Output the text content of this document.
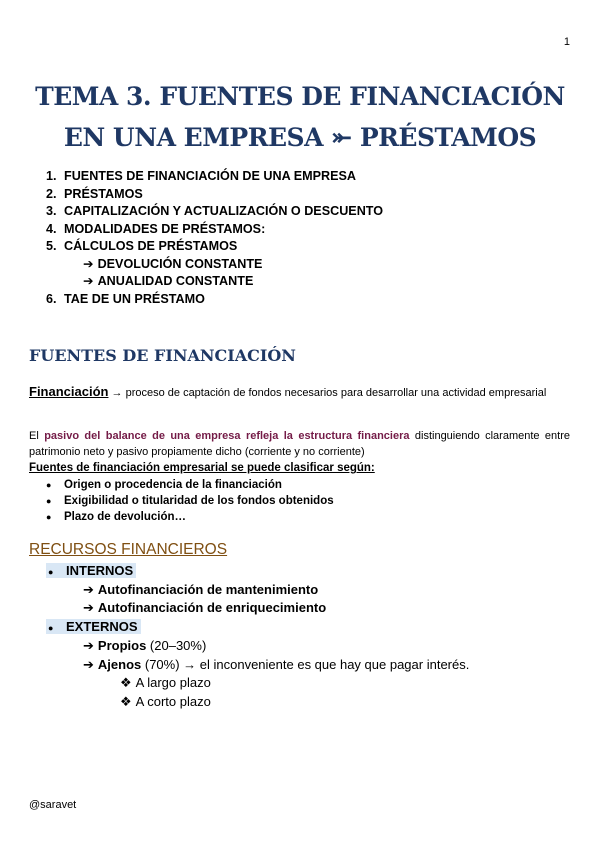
1
TEMA 3. FUENTES DE FINANCIACIÓN EN UNA EMPRESA ⤜ PRÉSTAMOS
1. FUENTES DE FINANCIACIÓN DE UNA EMPRESA
2. PRÉSTAMOS
3. CAPITALIZACIÓN Y ACTUALIZACIÓN O DESCUENTO
4. MODALIDADES DE PRÉSTAMOS:
5. CÁLCULOS DE PRÉSTAMOS
➔ DEVOLUCIÓN CONSTANTE
➔ ANUALIDAD CONSTANTE
6. TAE DE UN PRÉSTAMO
FUENTES DE FINANCIACIÓN
Financiación → proceso de captación de fondos necesarios para desarrollar una actividad empresarial

El pasivo del balance de una empresa refleja la estructura financiera distinguiendo claramente entre patrimonio neto y pasivo propiamente dicho (corriente y no corriente)

Fuentes de financiación empresarial se puede clasificar según:
● Origen o procedencia de la financiación
● Exigibilidad o titularidad de los fondos obtenidos
● Plazo de devolución…
RECURSOS FINANCIEROS
● INTERNOS
➔ Autofinanciación de mantenimiento
➔ Autofinanciación de enriquecimiento
● EXTERNOS
➔ Propios (20–30%)
➔ Ajenos (70%) → el inconveniente es que hay que pagar interés.
❖ A largo plazo
❖ A corto plazo
@saravet
